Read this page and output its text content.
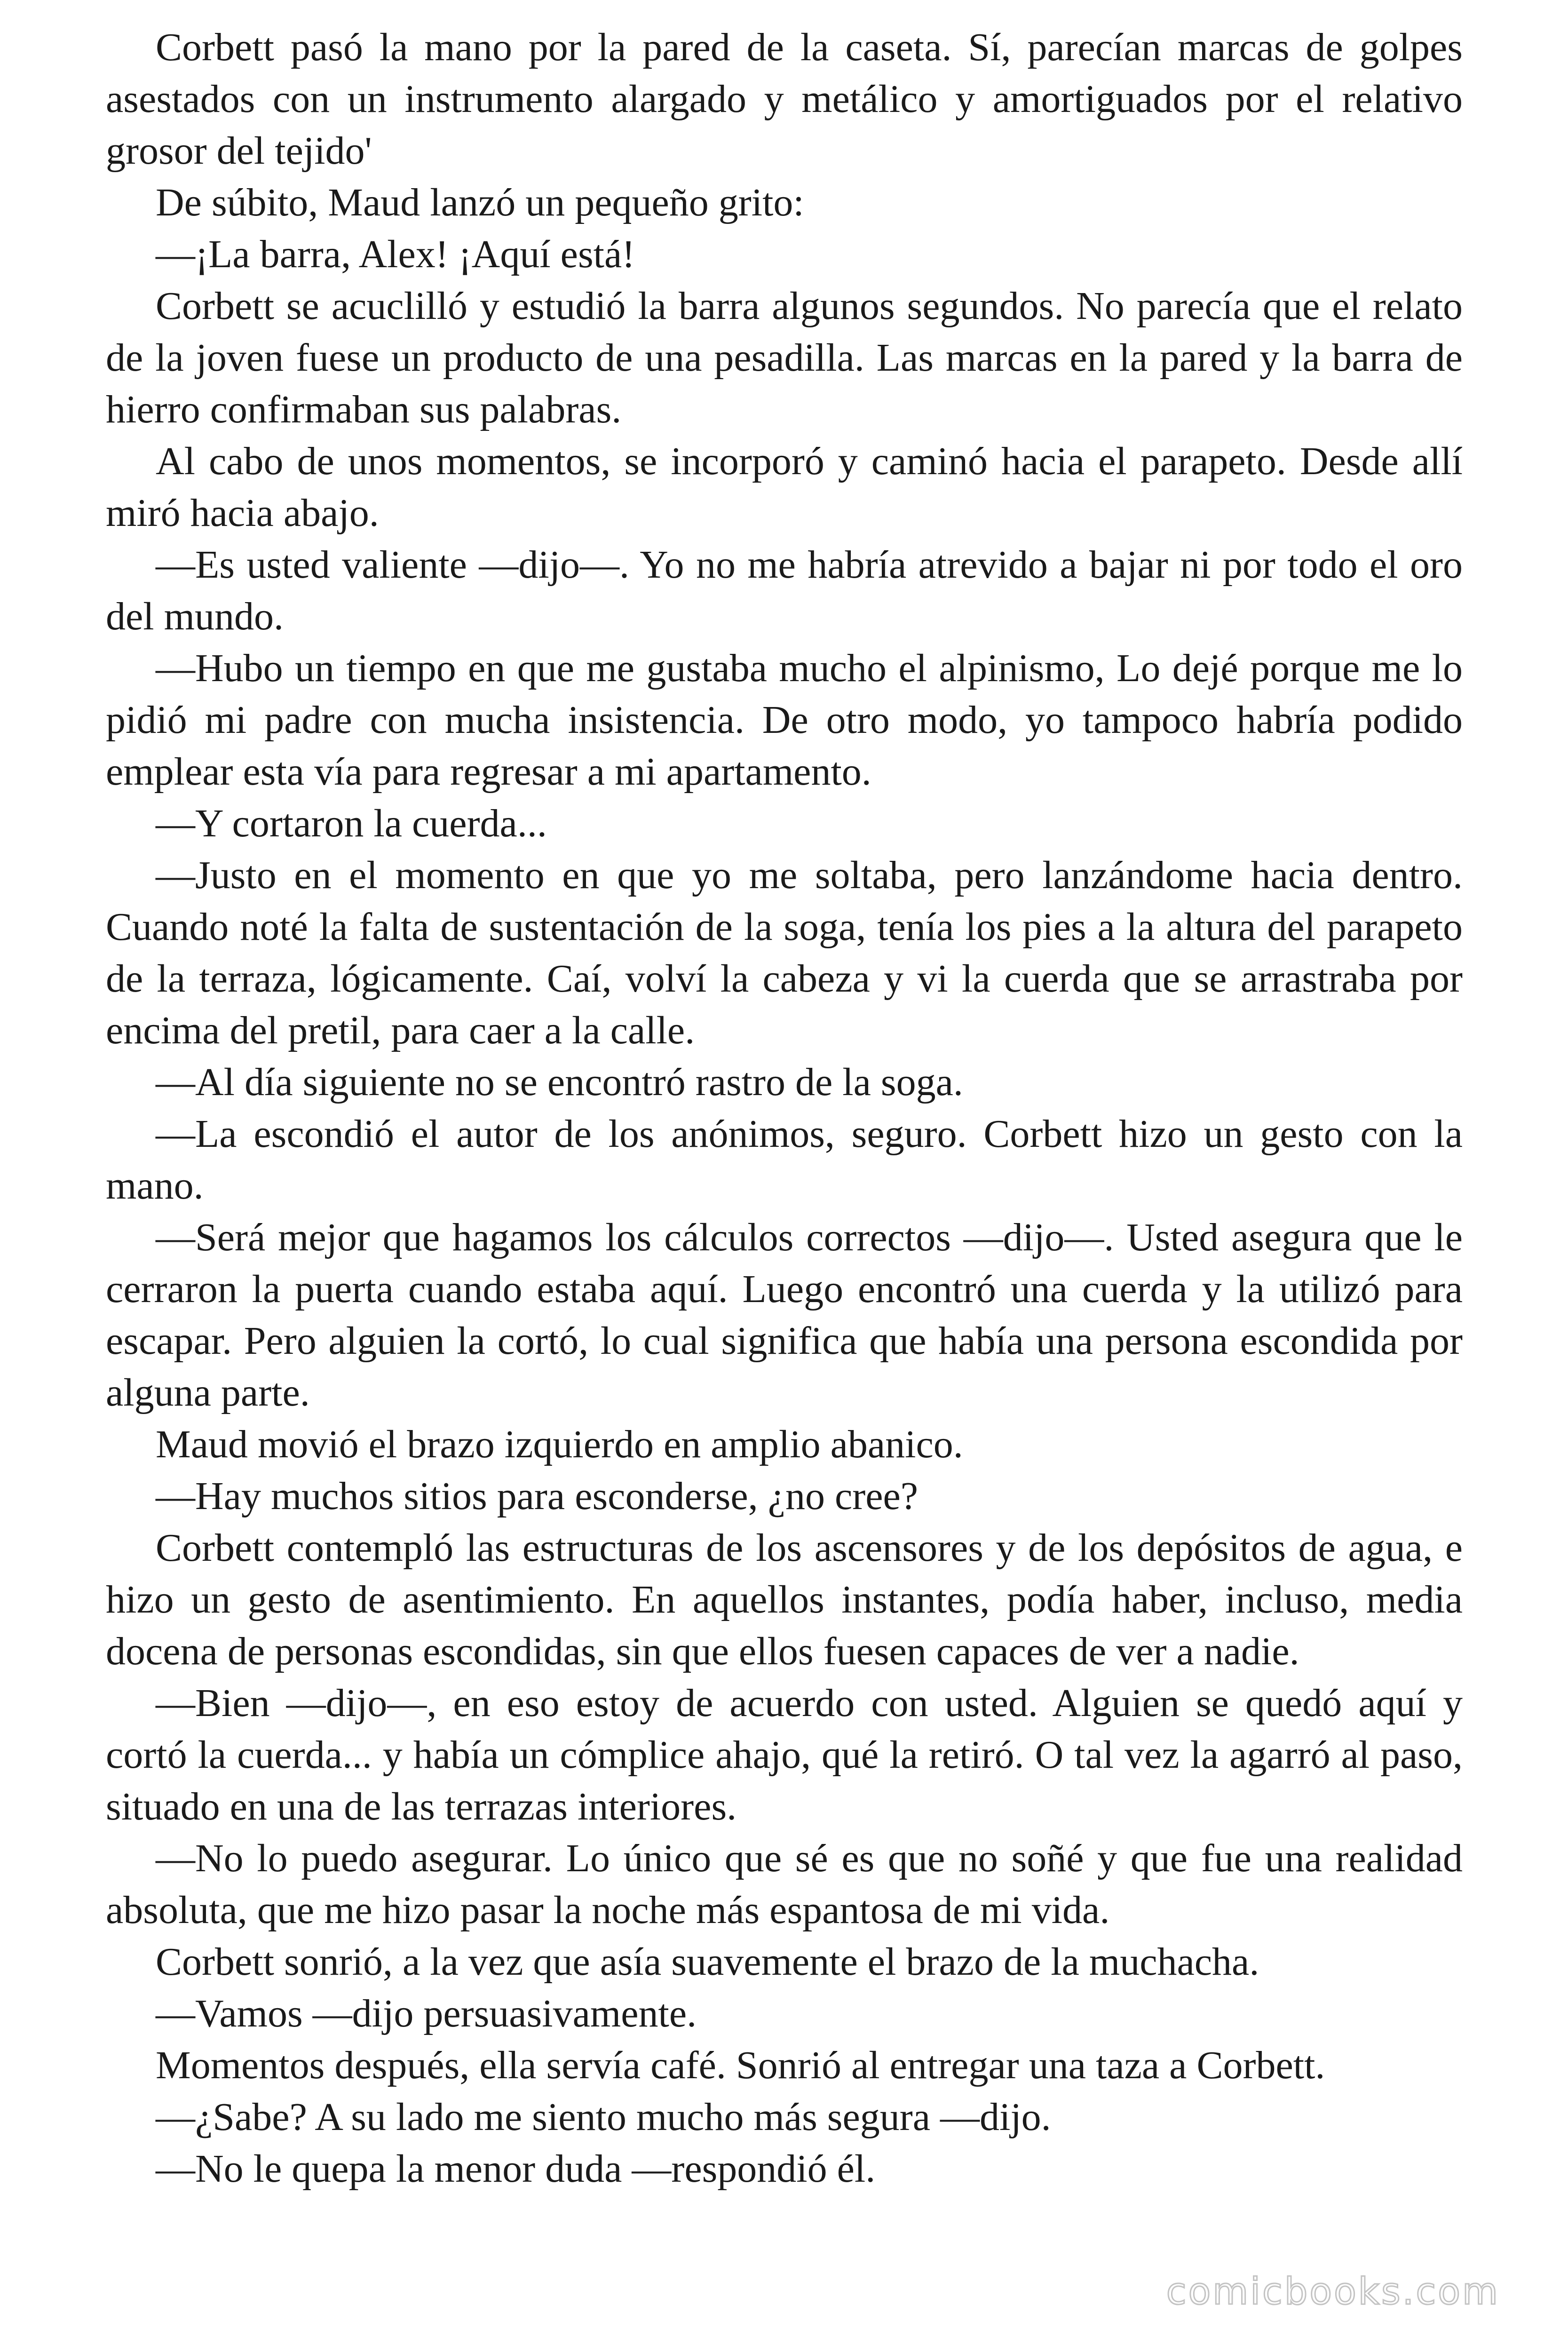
Corbett pasó la mano por la pared de la caseta. Sí, parecían marcas de golpes asestados con un instrumento alargado y metálico y amortiguados por el relativo grosor del tejido'

De súbito, Maud lanzó un pequeño grito:

—¡La barra, Alex! ¡Aquí está!

Corbett se acuclilló y estudió la barra algunos segundos. No parecía que el relato de la joven fuese un producto de una pesadilla. Las marcas en la pared y la barra de hierro confirmaban sus palabras.

Al cabo de unos momentos, se incorporó y caminó hacia el parapeto. Desde allí miró hacia abajo.

—Es usted valiente —dijo—. Yo no me habría atrevido a bajar ni por todo el oro del mundo.

—Hubo un tiempo en que me gustaba mucho el alpinismo, Lo dejé porque me lo pidió mi padre con mucha insistencia. De otro modo, yo tampoco habría podido emplear esta vía para regresar a mi apartamento.

—Y cortaron la cuerda...

—Justo en el momento en que yo me soltaba, pero lanzándome hacia dentro. Cuando noté la falta de sustentación de la soga, tenía los pies a la altura del parapeto de la terraza, lógicamente. Caí, volví la cabeza y vi la cuerda que se arrastraba por encima del pretil, para caer a la calle.

—Al día siguiente no se encontró rastro de la soga.

—La escondió el autor de los anónimos, seguro. Corbett hizo un gesto con la mano.

—Será mejor que hagamos los cálculos correctos —dijo—. Usted asegura que le cerraron la puerta cuando estaba aquí. Luego encontró una cuerda y la utilizó para escapar. Pero alguien la cortó, lo cual significa que había una persona escondida por alguna parte.

Maud movió el brazo izquierdo en amplio abanico.

—Hay muchos sitios para esconderse, ¿no cree?

Corbett contempló las estructuras de los ascensores y de los depósitos de agua, e hizo un gesto de asentimiento. En aquellos instantes, podía haber, incluso, media docena de personas escondidas, sin que ellos fuesen capaces de ver a nadie.

—Bien —dijo—, en eso estoy de acuerdo con usted. Alguien se quedó aquí y cortó la cuerda... y había un cómplice ahajo, qué la retiró. O tal vez la agarró al paso, situado en una de las terrazas interiores.

—No lo puedo asegurar. Lo único que sé es que no soñé y que fue una realidad absoluta, que me hizo pasar la noche más espantosa de mi vida.

Corbett sonrió, a la vez que asía suavemente el brazo de la muchacha.

—Vamos —dijo persuasivamente.

Momentos después, ella servía café. Sonrió al entregar una taza a Corbett.

—¿Sabe? A su lado me siento mucho más segura —dijo.

—No le quepa la menor duda —respondió él.

comicbooks.com
